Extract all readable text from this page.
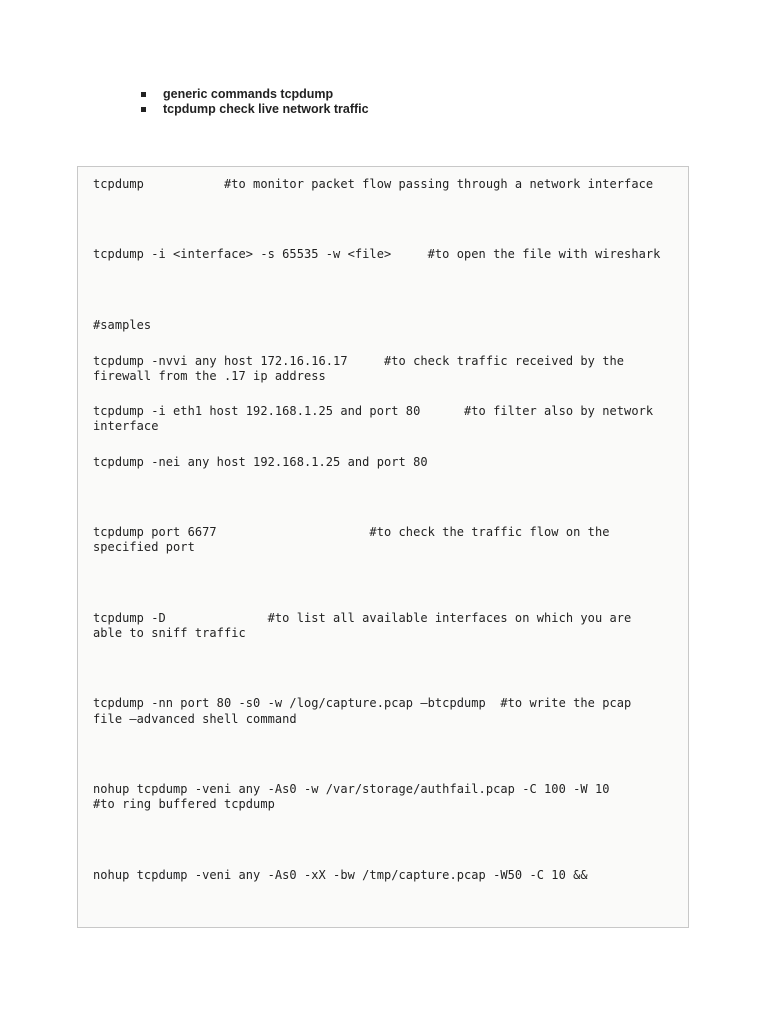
generic commands tcpdump
tcpdump check live network traffic
tcpdump           #to monitor packet flow passing through a network interface
tcpdump -i <interface> -s 65535 -w <file>     #to open the file with wireshark
#samples
tcpdump -nvvi any host 172.16.16.17     #to check traffic received by the
firewall from the .17 ip address
tcpdump -i eth1 host 192.168.1.25 and port 80      #to filter also by network
interface
tcpdump -nei any host 192.168.1.25 and port 80
tcpdump port 6677                     #to check the traffic flow on the
specified port
tcpdump -D              #to list all available interfaces on which you are
able to sniff traffic
tcpdump -nn port 80 -s0 -w /log/capture.pcap –btcpdump  #to write the pcap
file –advanced shell command
nohup tcpdump -veni any -As0 -w /var/storage/authfail.pcap -C 100 -W 10
#to ring buffered tcpdump
nohup tcpdump -veni any -As0 -xX -bw /tmp/capture.pcap -W50 -C 10 &&
